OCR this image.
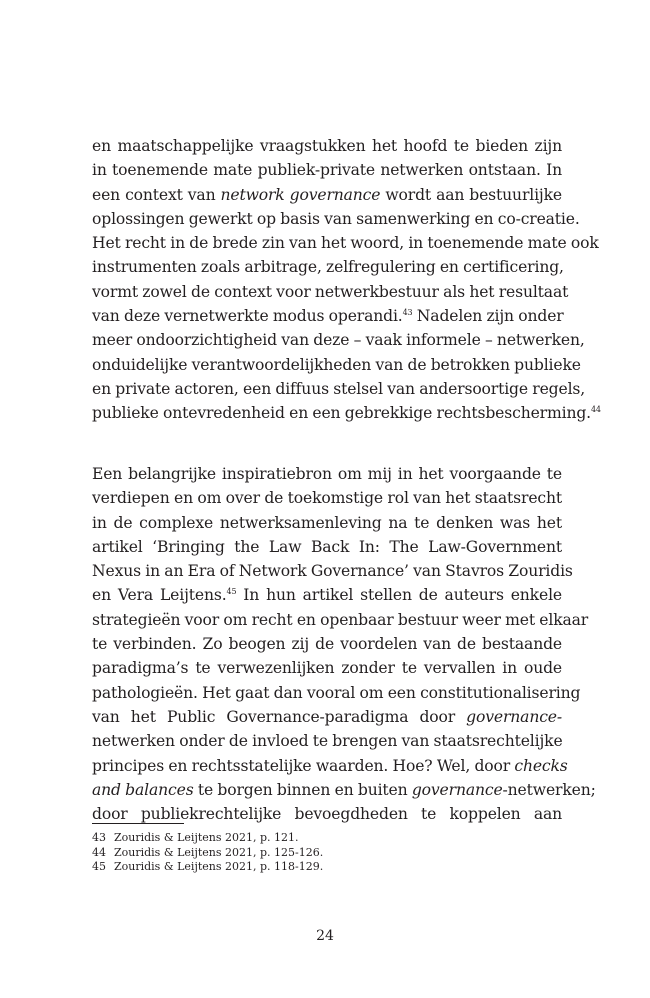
en maatschappelijke vraagstukken het hoofd te bieden zijn
in toenemende mate publiek-private netwerken ontstaan. In
een context van network governance wordt aan bestuurlijke
oplossingen gewerkt op basis van samenwerking en co-creatie.
Het recht in de brede zin van het woord, in toenemende mate ook
instrumenten zoals arbitrage, zelfregulering en certificering,
vormt zowel de context voor netwerkbestuur als het resultaat
van deze vernetwerkte modus operandi.$^{43}$ Nadelen zijn onder
meer ondoorzichtigheid van deze – vaak informele – netwerken,
onduidelijke verantwoordelijkheden van de betrokken publieke
en private actoren, een diffuus stelsel van andersoortige regels,
publieke ontevredenheid en een gebrekkige rechtsbescherming.$^{44}$
Een belangrijke inspiratiebron om mij in het voorgaande te
verdiepen en om over de toekomstige rol van het staatsrecht
in de complexe netwerksamenleving na te denken was het
artikel ‘Bringing the Law Back In: The Law-Government
Nexus in an Era of Network Governance’ van Stavros Zouridis
en Vera Leijtens.$^{45}$ In hun artikel stellen de auteurs enkele
strategieën voor om recht en openbaar bestuur weer met elkaar
te verbinden. Zo beogen zij de voordelen van de bestaande
paradigma’s te verwezenlijken zonder te vervallen in oude
pathologieën. Het gaat dan vooral om een constitutionalisering
van het Public Governance-paradigma door governance-
netwerken onder de invloed te brengen van staatsrechtelijke
principes en rechtsstatelijke waarden. Hoe? Wel, door checks
and balances te borgen binnen en buiten governance-netwerken;
door publiekrechtelijke bevoegdheden te koppelen aan
43 Zouridis & Leijtens 2021, p. 121.
44 Zouridis & Leijtens 2021, p. 125-126.
45 Zouridis & Leijtens 2021, p. 118-129.
24
